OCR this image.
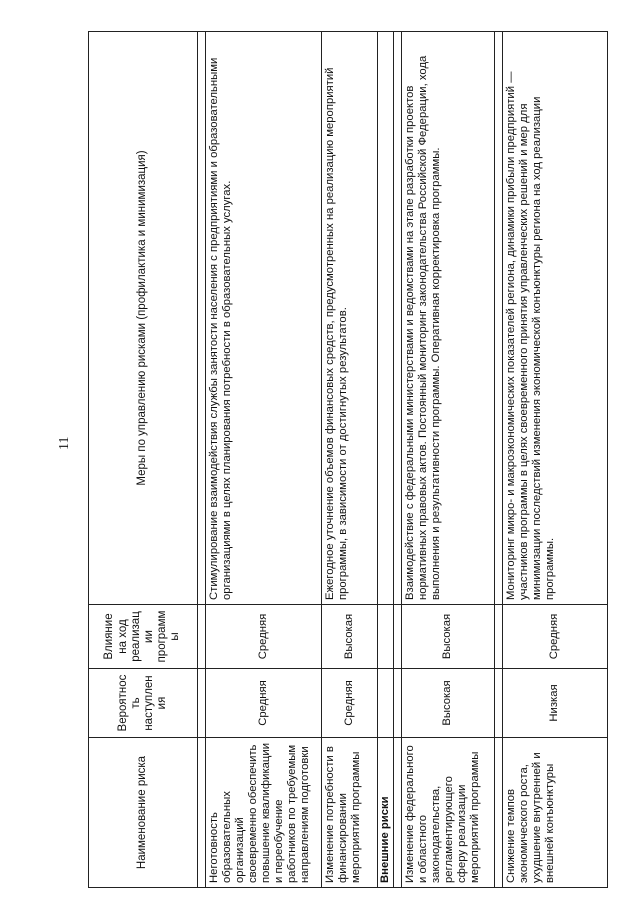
11
Наименование риска	Вероятность наступления	Влияние на ход реализации программы	Меры по управлению рисками (профилактика и минимизация)

Неготовность образовательных организаций своевременно обеспечить повышение квалификации и переобучение работников по требуемым направлениям подготовки	Средняя	Средняя	Стимулирование взаимодействия службы занятости населения с предприятиями и образовательными организациями в целях планирования потребности в образовательных услугах.
Изменение потребности в финансировании мероприятий программы	Средняя	Высокая	Ежегодное уточнение объемов финансовых средств, предусмотренных на реализацию мероприятий программы, в зависимости от достигнутых результатов.
Внешние риски			

Изменение федерального и областного законодательства, регламентирующего сферу реализации мероприятий программы	Высокая	Высокая	Взаимодействие с федеральными министерствами и ведомствами на этапе разработки проектов нормативных правовых актов. Постоянный мониторинг законодательства Российской Федерации, хода выполнения и результативности программы. Оперативная корректировка программы.

Снижение темпов экономического роста, ухудшение внутренней и внешней конъюнктуры	Низкая	Средняя	Мониторинг микро- и макроэкономических показателей региона, динамики прибыли предприятий — участников программы в целях своевременного принятия управленческих решений и мер для минимизации последствий изменения экономической конъюнктуры региона на ход реализации программы.
